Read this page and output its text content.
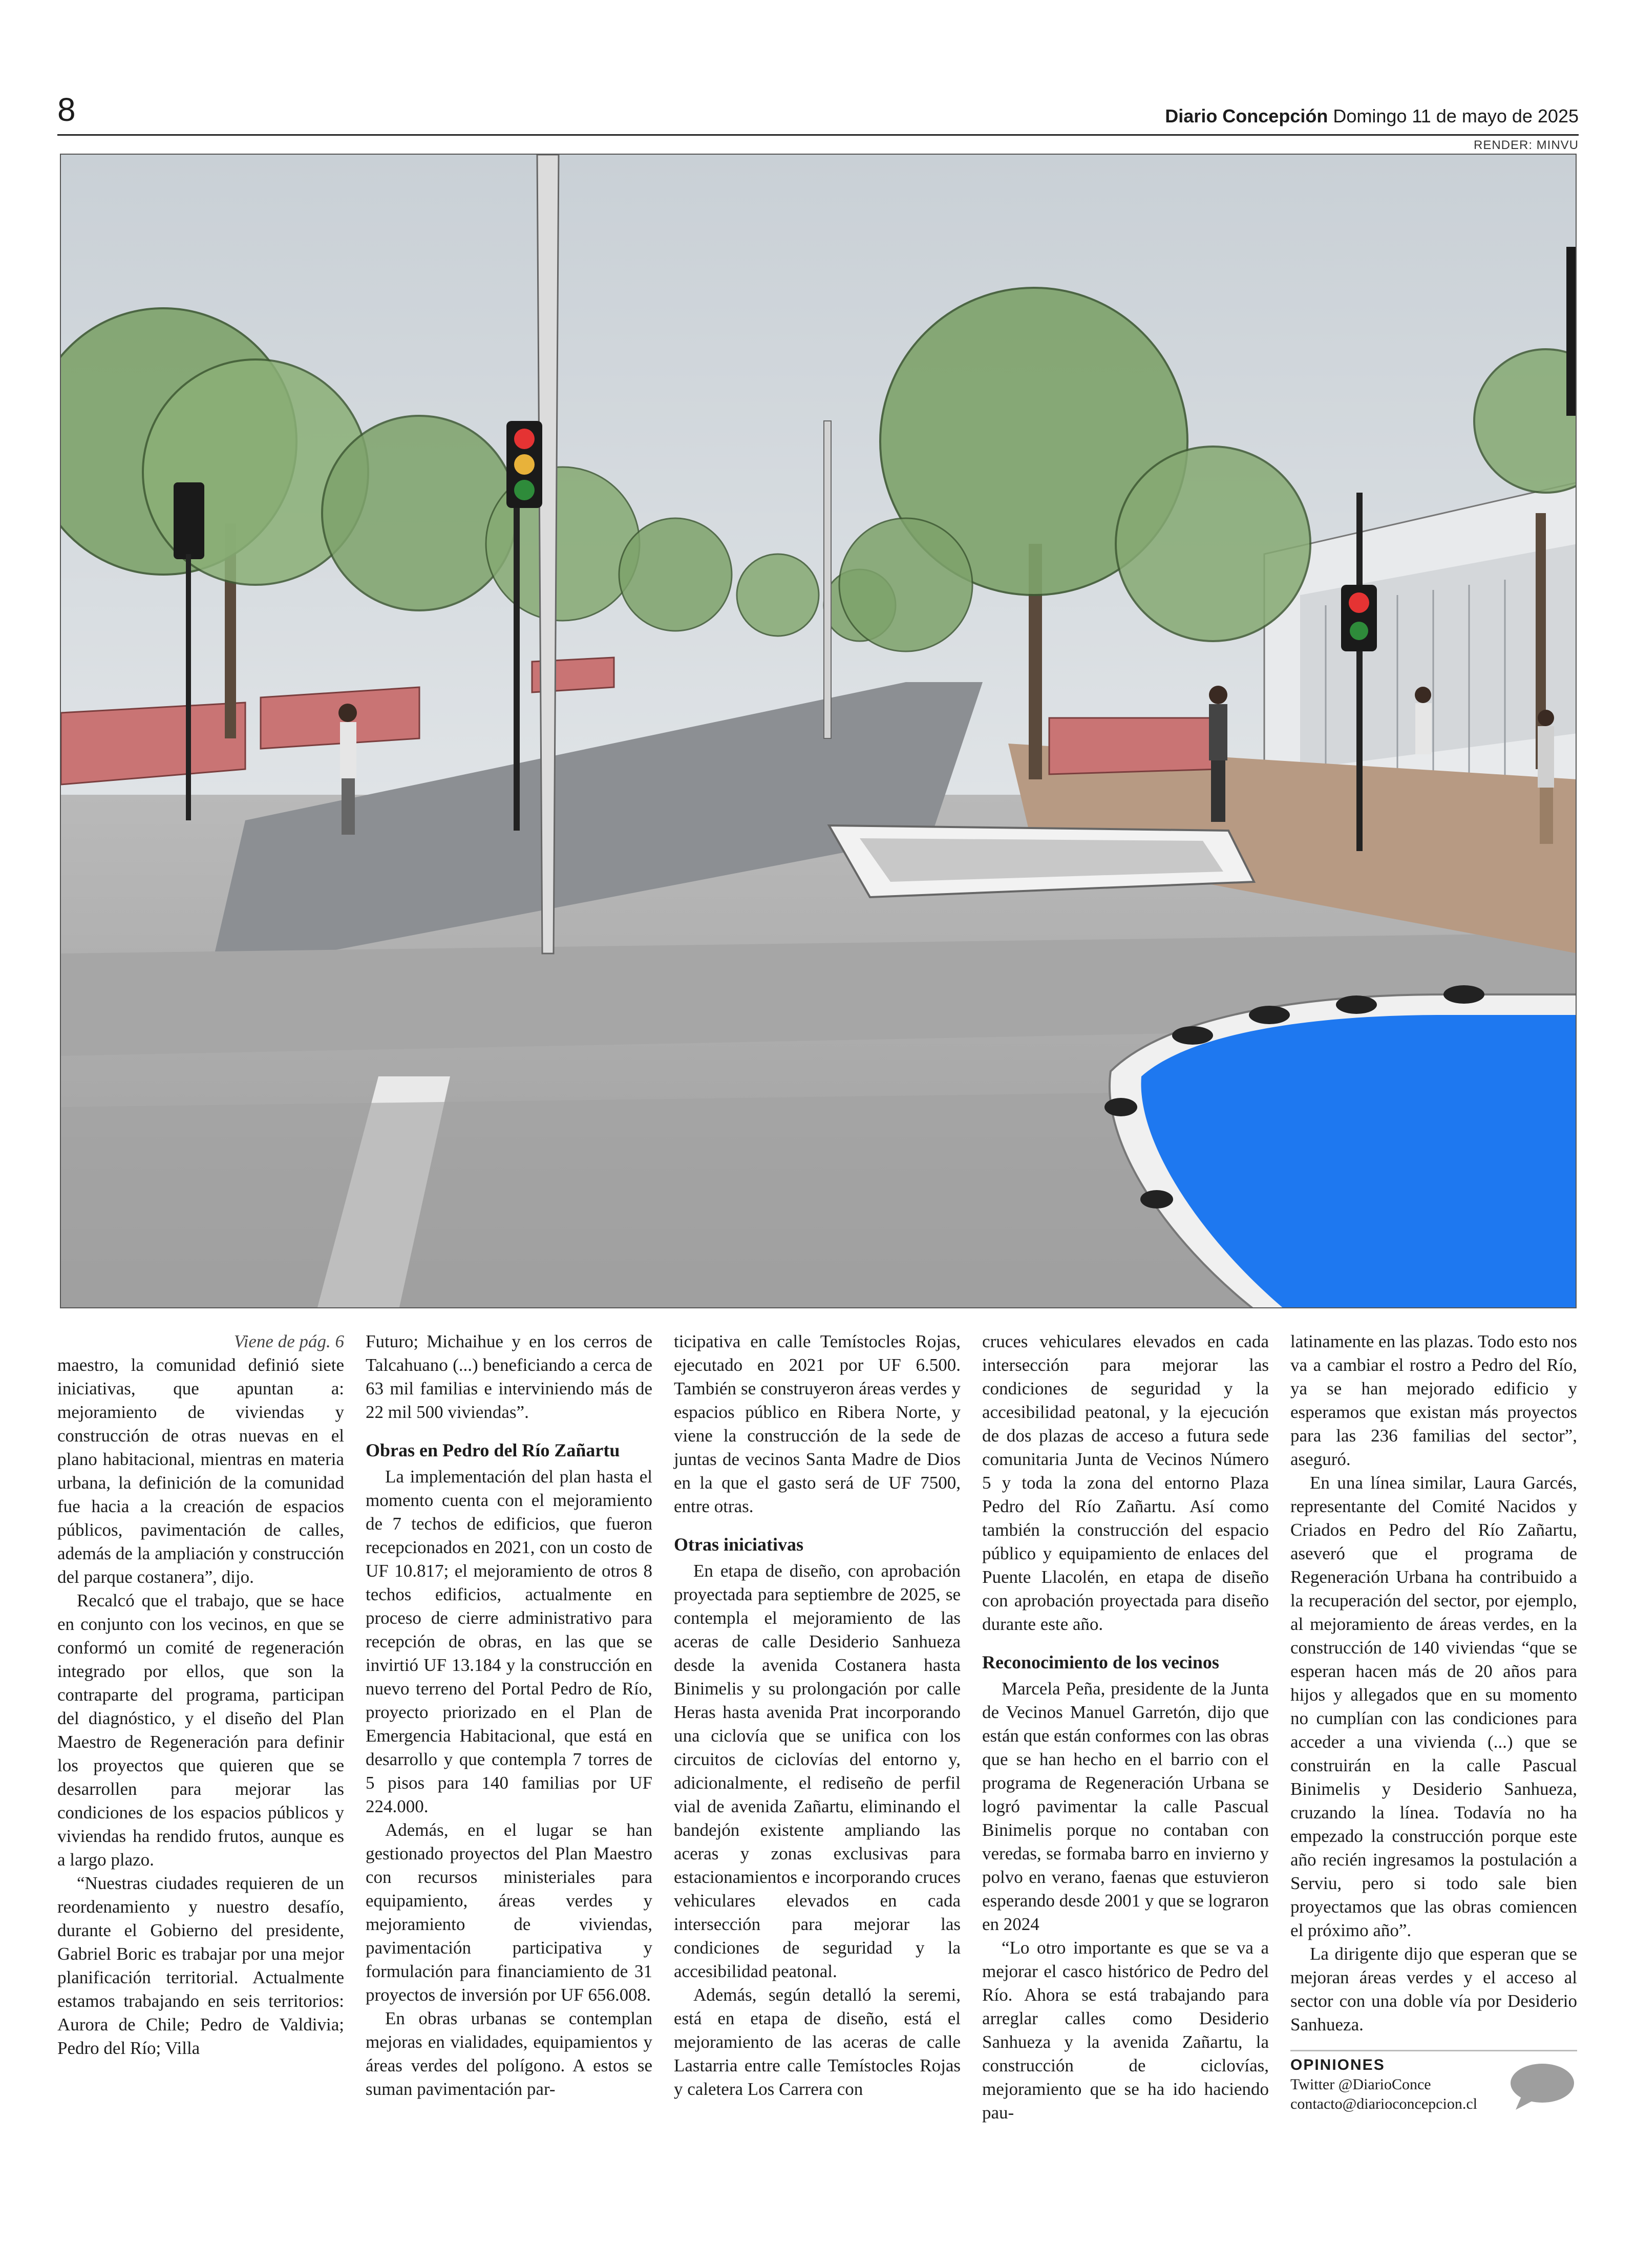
8	Diario Concepción Domingo 11 de mayo de 2025
RENDER: MINVU

Viene de pág. 6

maestro, la comunidad definió siete iniciativas, que apuntan a: mejoramiento de viviendas y construcción de otras nuevas en el plano habitacional, mientras en materia urbana, la definición de la comunidad fue hacia a la creación de espacios públicos, pavimentación de calles, además de la ampliación y construcción del parque costanera”, dijo.

Recalcó que el trabajo, que se hace en conjunto con los vecinos, en que se conformó un comité de regeneración integrado por ellos, que son la contraparte del programa, participan del diagnóstico, y el diseño del Plan Maestro de Regeneración para definir los proyectos que quieren que se desarrollen para mejorar las condiciones de los espacios públicos y viviendas ha rendido frutos, aunque es a largo plazo.

“Nuestras ciudades requieren de un reordenamiento y nuestro desafío, durante el Gobierno del presidente, Gabriel Boric es trabajar por una mejor planificación territorial. Actualmente estamos trabajando en seis territorios: Aurora de Chile; Pedro de Valdivia; Pedro del Río; Villa

Futuro; Michaihue y en los cerros de Talcahuano (...) beneficiando a cerca de 63 mil familias e interviniendo más de 22 mil 500 viviendas”.

Obras en Pedro del Río Zañartu

La implementación del plan hasta el momento cuenta con el mejoramiento de 7 techos de edificios, que fueron recepcionados en 2021, con un costo de UF 10.817; el mejoramiento de otros 8 techos edificios, actualmente en proceso de cierre administrativo para recepción de obras, en las que se invirtió UF 13.184 y la construcción en nuevo terreno del Portal Pedro de Río, proyecto priorizado en el Plan de Emergencia Habitacional, que está en desarrollo y que contempla 7 torres de 5 pisos para 140 familias por UF 224.000.

Además, en el lugar se han gestionado proyectos del Plan Maestro con recursos ministeriales para equipamiento, áreas verdes y mejoramiento de viviendas, pavimentación participativa y formulación para financiamiento de 31 proyectos de inversión por UF 656.008.

En obras urbanas se contemplan mejoras en vialidades, equipamientos y áreas verdes del polígono. A estos se suman pavimentación par-

ticipativa en calle Temístocles Rojas, ejecutado en 2021 por UF 6.500. También se construyeron áreas verdes y espacios público en Ribera Norte, y viene la construcción de la sede de juntas de vecinos Santa Madre de Dios en la que el gasto será de UF 7500, entre otras.

Otras iniciativas

En etapa de diseño, con aprobación proyectada para septiembre de 2025, se contempla el mejoramiento de las aceras de calle Desiderio Sanhueza desde la avenida Costanera hasta Binimelis y su prolongación por calle Heras hasta avenida Prat incorporando una ciclovía que se unifica con los circuitos de ciclovías del entorno y, adicionalmente, el rediseño de perfil vial de avenida Zañartu, eliminando el bandejón existente ampliando las aceras y zonas exclusivas para estacionamientos e incorporando cruces vehiculares elevados en cada intersección para mejorar las condiciones de seguridad y la accesibilidad peatonal.

Además, según detalló la seremi, está en etapa de diseño, está el mejoramiento de las aceras de calle Lastarria entre calle Temístocles Rojas y caletera Los Carrera con

cruces vehiculares elevados en cada intersección para mejorar las condiciones de seguridad y la accesibilidad peatonal, y la ejecución de dos plazas de acceso a futura sede comunitaria Junta de Vecinos Número 5 y toda la zona del entorno Plaza Pedro del Río Zañartu. Así como también la construcción del espacio público y equipamiento de enlaces del Puente Llacolén, en etapa de diseño con aprobación proyectada para diseño durante este año.

Reconocimiento de los vecinos

Marcela Peña, presidente de la Junta de Vecinos Manuel Garretón, dijo que están que están conformes con las obras que se han hecho en el barrio con el programa de Regeneración Urbana se logró pavimentar la calle Pascual Binimelis porque no contaban con veredas, se formaba barro en invierno y polvo en verano, faenas que estuvieron esperando desde 2001 y que se lograron en 2024

“Lo otro importante es que se va a mejorar el casco histórico de Pedro del Río. Ahora se está trabajando para arreglar calles como Desiderio Sanhueza y la avenida Zañartu, la construcción de ciclovías, mejoramiento que se ha ido haciendo pau-

latinamente en las plazas. Todo esto nos va a cambiar el rostro a Pedro del Río, ya se han mejorado edificio y esperamos que existan más proyectos para las 236 familias del sector”, aseguró.

En una línea similar, Laura Garcés, representante del Comité Nacidos y Criados en Pedro del Río Zañartu, aseveró que el programa de Regeneración Urbana ha contribuido a la recuperación del sector, por ejemplo, al mejoramiento de áreas verdes, en la construcción de 140 viviendas “que se esperan hacen más de 20 años para hijos y allegados que en su momento no cumplían con las condiciones para acceder a una vivienda (...) que se construirán en la calle Pascual Binimelis y Desiderio Sanhueza, cruzando la línea. Todavía no ha empezado la construcción porque este año recién ingresamos la postulación a Serviu, pero si todo sale bien proyectamos que las obras comiencen el próximo año”.

La dirigente dijo que esperan que se mejoran áreas verdes y el acceso al sector con una doble vía por Desiderio Sanhueza.

OPINIONES
Twitter @DiarioConce
contacto@diarioconcepcion.cl
